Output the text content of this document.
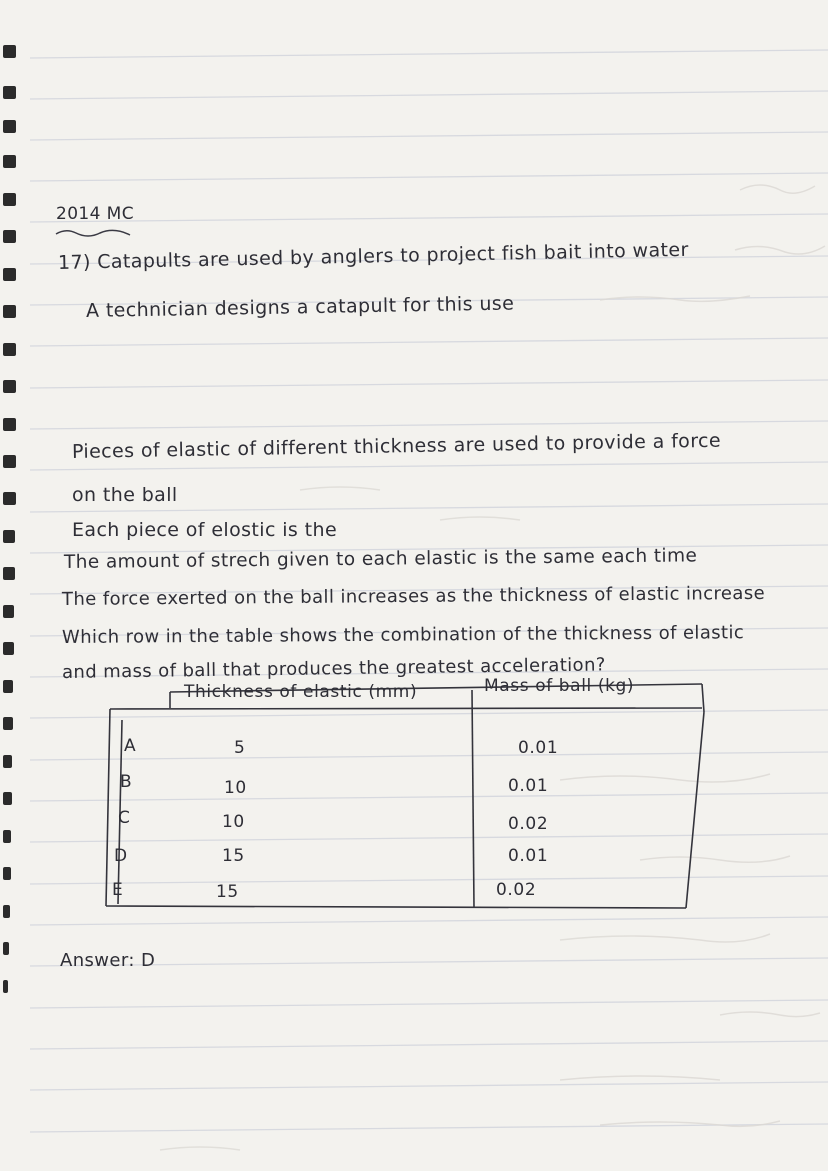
2014 MC
17) Catapults are used by anglers to project fish bait into water
A technician designs a catapult for this use
Pieces of elastic of different thickness are used to provide a force
on the ball
Each piece of elostic is the
The amount of strech given to each elastic is the same each time
The force exerted on the ball increases as the thickness of elastic increase
Which row in the table shows the combination of the thickness of elastic
and mass of ball that produces the greatest acceleration?
Thickness of elastic (mm)	Mass of ball (kg)
A	5	0.01
B	10	0.01
C	10	0.02
D	15	0.01
E	15	0.02
Answer: D
